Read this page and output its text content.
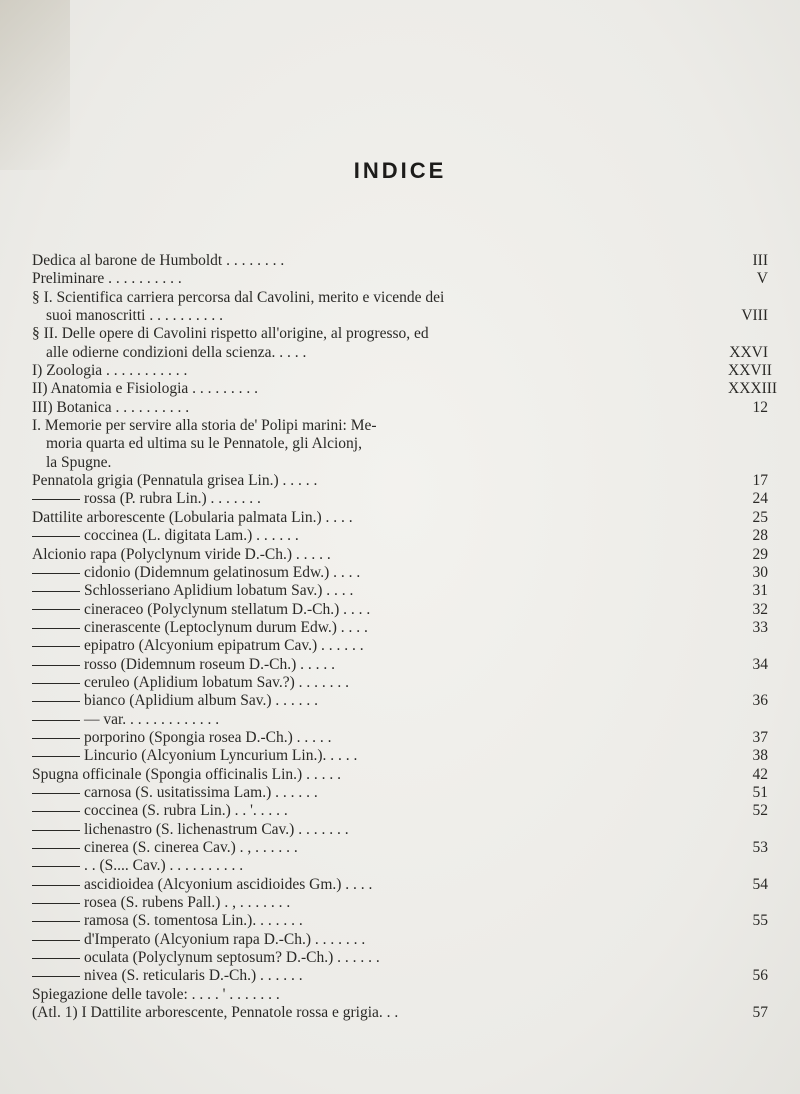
INDICE
Dedica al barone de Humboldt . . . . . . . .	III
Preliminare . . . . . . . . . .	V
§ I. Scientifica carriera percorsa dal Cavolini, merito e vicende dei
suoi manoscritti . . . . . . . . . .	VIII
§ II. Delle opere di Cavolini rispetto all'origine, al progresso, ed
alle odierne condizioni della scienza. . . . .	XXVI
I) Zoologia . . . . . . . . . . .	XXVII
II) Anatomia e Fisiologia . . . . . . . . .	XXXIII
III) Botanica . . . . . . . . . .	12
I. Memorie per servire alla storia de' Polipi marini: Me-
moria quarta ed ultima su le Pennatole, gli Alcionj,
la Spugne.
Pennatola grigia (Pennatula grisea Lin.) . . . . .	17
rossa (P. rubra Lin.) . . . . . . .	24
Dattilite arborescente (Lobularia palmata Lin.) . . . .	25
coccinea (L. digitata Lam.) . . . . . .	28
Alcionio rapa (Polyclynum viride D.-Ch.) . . . . .	29
cidonio (Didemnum gelatinosum Edw.) . . . .	30
Schlosseriano Aplidium lobatum Sav.) . . . .	31
cineraceo (Polyclynum stellatum D.-Ch.) . . . .	32
cinerascente (Leptoclynum durum Edw.) . . . .	33
epipatro (Alcyonium epipatrum Cav.) . . . . . .
rosso (Didemnum roseum D.-Ch.) . . . . .	34
ceruleo (Aplidium lobatum Sav.?) . . . . . . .
bianco (Aplidium album Sav.) . . . . . .	36
— var. . . . . . . . . . . . .
porporino (Spongia rosea D.-Ch.) . . . . .	37
Lincurio (Alcyonium Lyncurium Lin.). . . . .	38
Spugna officinale (Spongia officinalis Lin.) . . . . .	42
carnosa (S. usitatissima Lam.) . . . . . .	51
coccinea (S. rubra Lin.) . . '. . . . .	52
lichenastro (S. lichenastrum Cav.) . . . . . . .
cinerea (S. cinerea Cav.) . , . . . . . .	53
. . (S.... Cav.) . . . . . . . . . .
ascidioidea (Alcyonium ascidioides Gm.) . . . .	54
rosea (S. rubens Pall.) . , . . . . . . .
ramosa (S. tomentosa Lin.). . . . . . .	55
d'Imperato (Alcyonium rapa D.-Ch.) . . . . . . .
oculata (Polyclynum septosum? D.-Ch.) . . . . . .
nivea (S. reticularis D.-Ch.) . . . . . .	56
Spiegazione delle tavole: . . . . ' . . . . . . .
(Atl. 1) I Dattilite arborescente, Pennatole rossa e grigia. . .	57
